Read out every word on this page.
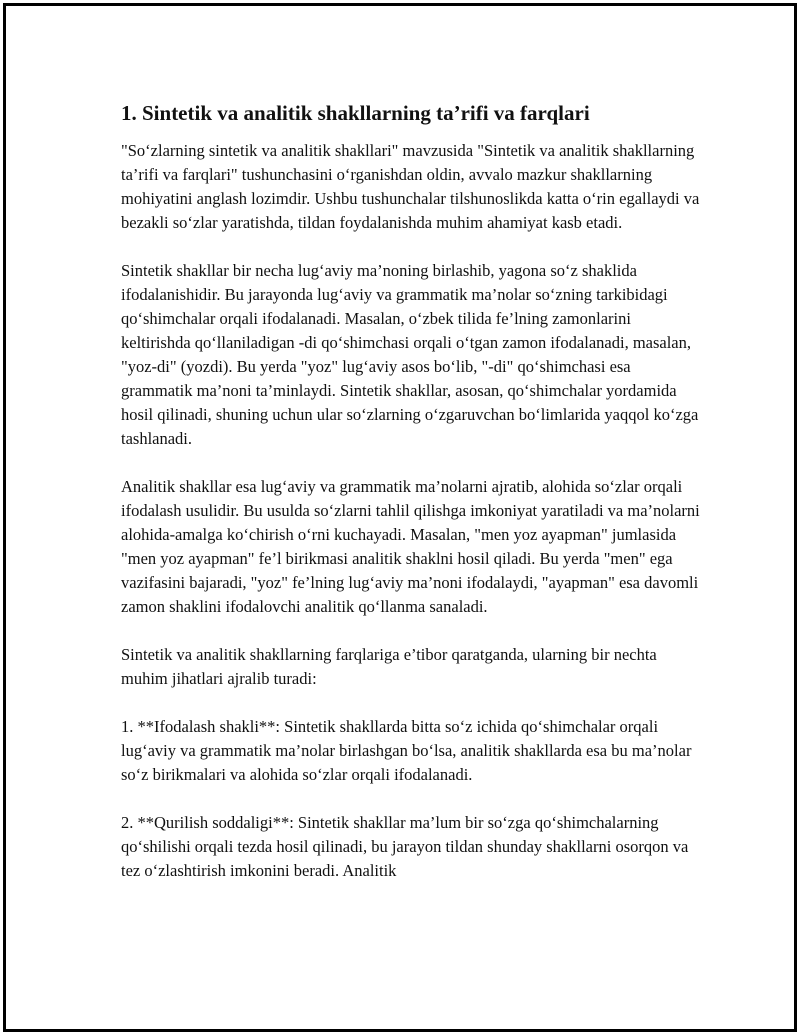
1. Sintetik va analitik shakllarning ta’rifi va farqlari

"So‘zlarning sintetik va analitik shakllari" mavzusida "Sintetik va analitik shakllarning ta’rifi va farqlari" tushunchasini o‘rganishdan oldin, avvalo mazkur shakllarning mohiyatini anglash lozimdir. Ushbu tushunchalar tilshunoslikda katta o‘rin egallaydi va bezakli so‘zlar yaratishda, tildan foydalanishda muhim ahamiyat kasb etadi.

Sintetik shakllar bir necha lug‘aviy ma’noning birlashib, yagona so‘z shaklida ifodalanishidir. Bu jarayonda lug‘aviy va grammatik ma’nolar so‘zning tarkibidagi qo‘shimchalar orqali ifodalanadi. Masalan, o‘zbek tilida fe’lning zamonlarini keltirishda qo‘llaniladigan -di qo‘shimchasi orqali o‘tgan zamon ifodalanadi, masalan, "yoz-di" (yozdi). Bu yerda "yoz" lug‘aviy asos bo‘lib, "-di" qo‘shimchasi esa grammatik ma’noni ta’minlaydi. Sintetik shakllar, asosan, qo‘shimchalar yordamida hosil qilinadi, shuning uchun ular so‘zlarning o‘zgaruvchan bo‘limlarida yaqqol ko‘zga tashlanadi.

Analitik shakllar esa lug‘aviy va grammatik ma’nolarni ajratib, alohida so‘zlar orqali ifodalash usulidir. Bu usulda so‘zlarni tahlil qilishga imkoniyat yaratiladi va ma’nolarni alohida-amalga ko‘chirish o‘rni kuchayadi. Masalan, "men yoz ayapman" jumlasida "men yoz ayapman" fe’l birikmasi analitik shaklni hosil qiladi. Bu yerda "men" ega vazifasini bajaradi, "yoz" fe’lning lug‘aviy ma’noni ifodalaydi, "ayapman" esa davomli zamon shaklini ifodalovchi analitik qo‘llanma sanaladi.

Sintetik va analitik shakllarning farqlariga e’tibor qaratganda, ularning bir nechta muhim jihatlari ajralib turadi:

1. **Ifodalash shakli**: Sintetik shakllarda bitta so‘z ichida qo‘shimchalar orqali lug‘aviy va grammatik ma’nolar birlashgan bo‘lsa, analitik shakllarda esa bu ma’nolar so‘z birikmalari va alohida so‘zlar orqali ifodalanadi.

2. **Qurilish soddaligi**: Sintetik shakllar ma’lum bir so‘zga qo‘shimchalarning qo‘shilishi orqali tezda hosil qilinadi, bu jarayon tildan shunday shakllarni osorqon va tez o‘zlashtirish imkonini beradi. Analitik
